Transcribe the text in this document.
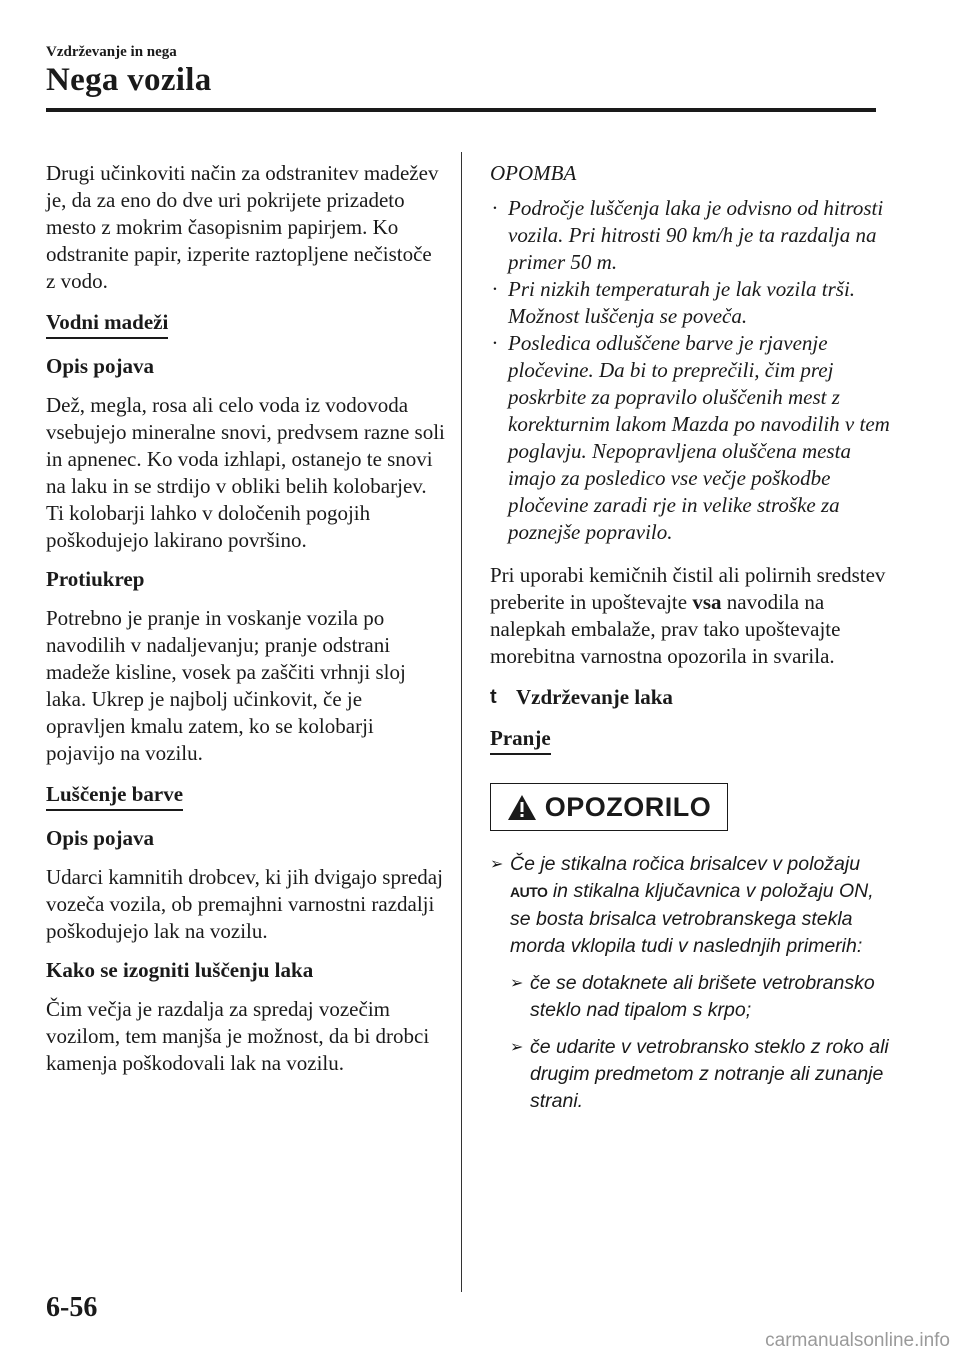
Vzdrževanje in nega
Nega vozila

Drugi učinkoviti način za odstranitev madežev je, da za eno do dve uri pokrijete prizadeto mesto z mokrim časopisnim papirjem. Ko odstranite papir, izperite raztopljene nečistoče z vodo.

Vodni madeži
Opis pojava

Dež, megla, rosa ali celo voda iz vodovoda vsebujejo mineralne snovi, predvsem razne soli in apnenec. Ko voda izhlapi, ostanejo te snovi na laku in se strdijo v obliki belih kolobarjev. Ti kolobarji lahko v določenih pogojih poškodujejo lakirano površino.

Protiukrep

Potrebno je pranje in voskanje vozila po navodilih v nadaljevanju; pranje odstrani madeže kisline, vosek pa zaščiti vrhnji sloj laka. Ukrep je najbolj učinkovit, če je opravljen kmalu zatem, ko se kolobarji pojavijo na vozilu.

Luščenje barve
Opis pojava

Udarci kamnitih drobcev, ki jih dvigajo spredaj vozeča vozila, ob premajhni varnostni razdalji poškodujejo lak na vozilu.

Kako se izogniti luščenju laka

Čim večja je razdalja za spredaj vozečim vozilom, tem manjša je možnost, da bi drobci kamenja poškodovali lak na vozilu.

OPOMBA
· Področje luščenja laka je odvisno od hitrosti vozila. Pri hitrosti 90 km/h je ta razdalja na primer 50 m.
· Pri nizkih temperaturah je lak vozila trši. Možnost luščenja se poveča.
· Posledica odluščene barve je rjavenje pločevine. Da bi to preprečili, čim prej poskrbite za popravilo oluščenih mest z korekturnim lakom Mazda po navodilih v tem poglavju. Nepopravljena oluščena mesta imajo za posledico vse večje poškodbe pločevine zaradi rje in velike stroške za poznejše popravilo.

Pri uporabi kemičnih čistil ali polirnih sredstev preberite in upoštevajte vsa navodila na nalepkah embalaže, prav tako upoštevajte morebitna varnostna opozorila in svarila.

t Vzdrževanje laka
Pranje
OPOZORILO
➢ Če je stikalna ročica brisalcev v položaju AUTO in stikalna ključavnica v položaju ON, se bosta brisalca vetrobranskega stekla morda vklopila tudi v naslednjih primerih:
➢ če se dotaknete ali brišete vetrobransko steklo nad tipalom s krpo;
➢ če udarite v vetrobransko steklo z roko ali drugim predmetom z notranje ali zunanje strani.
6-56
carmanualsonline.info
